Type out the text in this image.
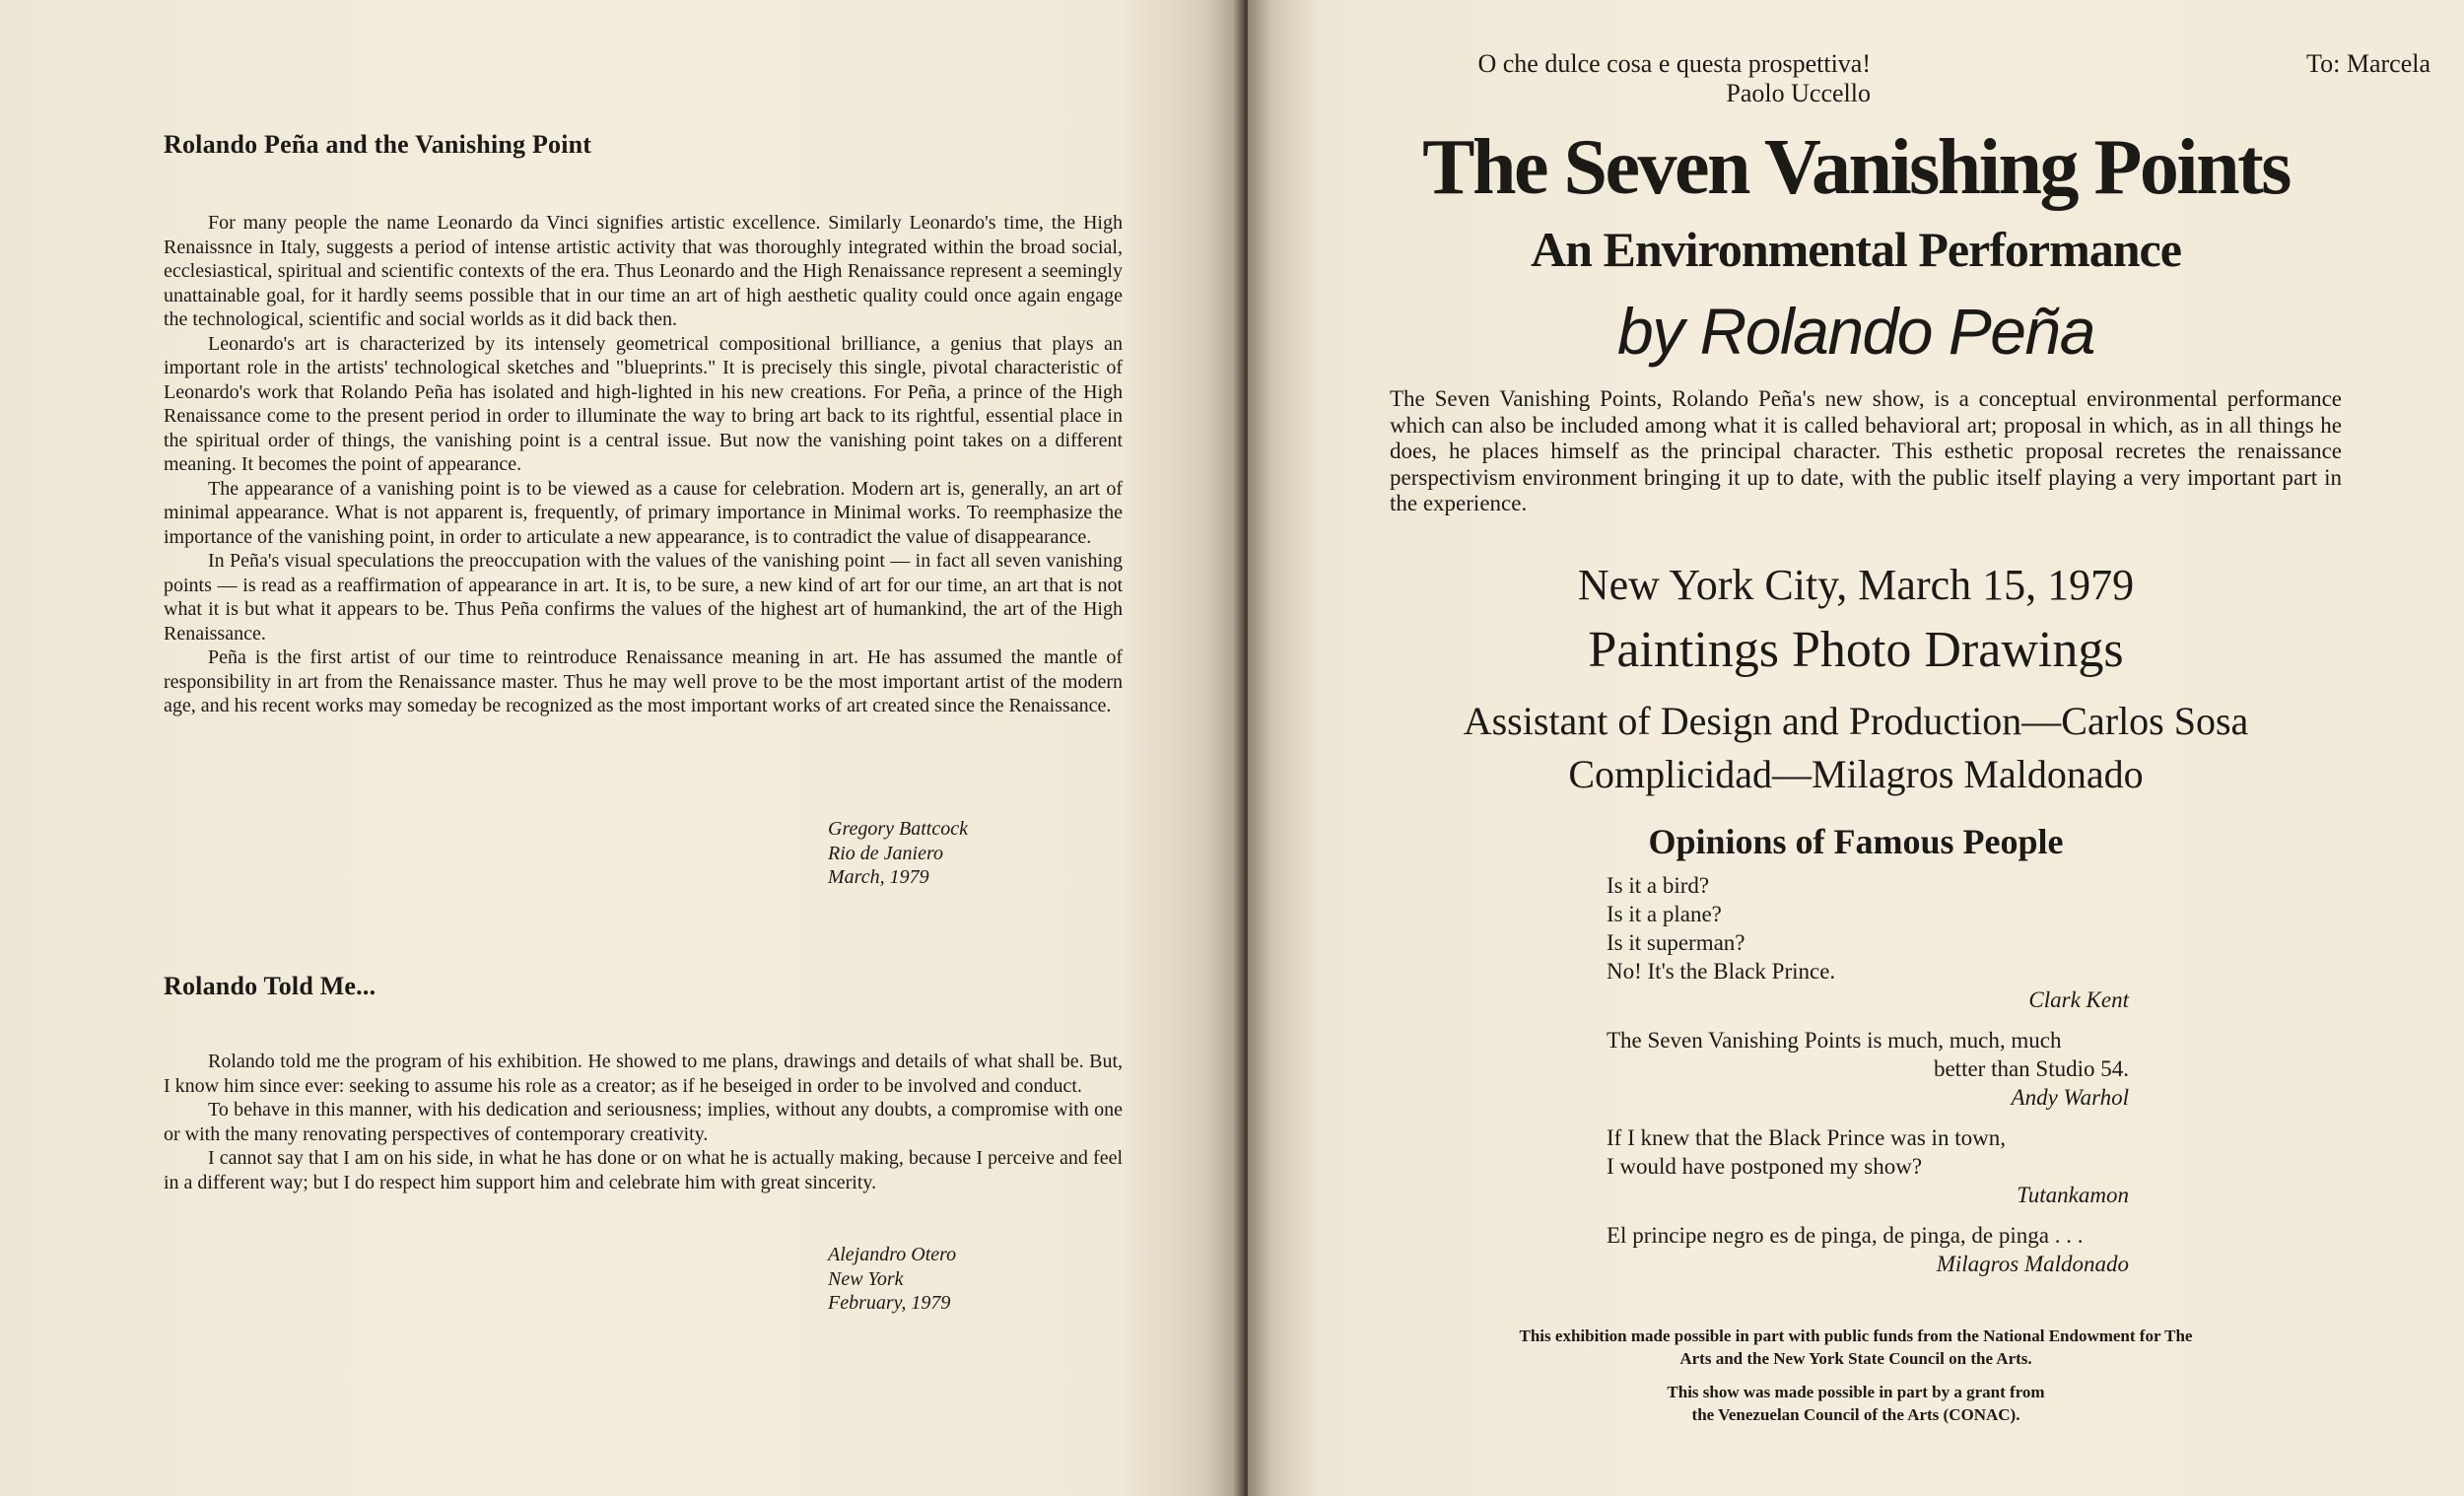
Rolando Peña and the Vanishing Point

For many people the name Leonardo da Vinci signifies artistic excellence. Similarly Leonardo's time, the High Renaissnce in Italy, suggests a period of intense artistic activity that was thoroughly integrated within the broad social, ecclesiastical, spiritual and scientific contexts of the era. Thus Leonardo and the High Renaissance represent a seemingly unattainable goal, for it hardly seems possible that in our time an art of high aesthetic quality could once again engage the technological, scientific and social worlds as it did back then.

Leonardo's art is characterized by its intensely geometrical compositional brilliance, a genius that plays an important role in the artists' technological sketches and "blueprints." It is precisely this single, pivotal characteristic of Leonardo's work that Rolando Peña has isolated and high-lighted in his new creations. For Peña, a prince of the High Renaissance come to the present period in order to illuminate the way to bring art back to its rightful, essential place in the spiritual order of things, the vanishing point is a central issue. But now the vanishing point takes on a different meaning. It becomes the point of appearance.

The appearance of a vanishing point is to be viewed as a cause for celebration. Modern art is, generally, an art of minimal appearance. What is not apparent is, frequently, of primary importance in Minimal works. To reemphasize the importance of the vanishing point, in order to articulate a new appearance, is to contradict the value of disappearance.

In Peña's visual speculations the preoccupation with the values of the vanishing point — in fact all seven vanishing points — is read as a reaffirmation of appearance in art. It is, to be sure, a new kind of art for our time, an art that is not what it is but what it appears to be. Thus Peña confirms the values of the highest art of humankind, the art of the High Renaissance.

Peña is the first artist of our time to reintroduce Renaissance meaning in art. He has assumed the mantle of responsibility in art from the Renaissance master. Thus he may well prove to be the most important artist of the modern age, and his recent works may someday be recognized as the most important works of art created since the Renaissance.

Gregory Battcock
Rio de Janiero
March, 1979
Rolando Told Me...

Rolando told me the program of his exhibition. He showed to me plans, drawings and details of what shall be. But, I know him since ever: seeking to assume his role as a creator; as if he beseiged in order to be involved and conduct.

To behave in this manner, with his dedication and seriousness; implies, without any doubts, a compromise with one or with the many renovating perspectives of contemporary creativity.

I cannot say that I am on his side, in what he has done or on what he is actually making, because I perceive and feel in a different way; but I do respect him support him and celebrate him with great sincerity.

Alejandro Otero
New York
February, 1979
O che dulce cosa e questa prospettiva!
Paolo Uccello
To: Marcela
The Seven Vanishing Points
An Environmental Performance
by Rolando Peña
The Seven Vanishing Points, Rolando Peña's new show, is a conceptual environmental performance which can also be included among what it is called behavioral art; proposal in which, as in all things he does, he places himself as the principal character. This esthetic proposal recretes the renaissance perspectivism environment bringing it up to date, with the public itself playing a very important part in the experience.
New York City, March 15, 1979
Paintings Photo Drawings
Assistant of Design and Production—Carlos Sosa
Complicidad—Milagros Maldonado
Opinions of Famous People
Is it a bird?
Is it a plane?
Is it superman?
No! It's the Black Prince.
Clark Kent
The Seven Vanishing Points is much, much, much
better than Studio 54.
Andy Warhol
If I knew that the Black Prince was in town,
I would have postponed my show?
Tutankamon
El principe negro es de pinga, de pinga, de pinga . . .
Milagros Maldonado
This exhibition made possible in part with public funds from the National Endowment for The
Arts and the New York State Council on the Arts.
This show was made possible in part by a grant from
the Venezuelan Council of the Arts (CONAC).
